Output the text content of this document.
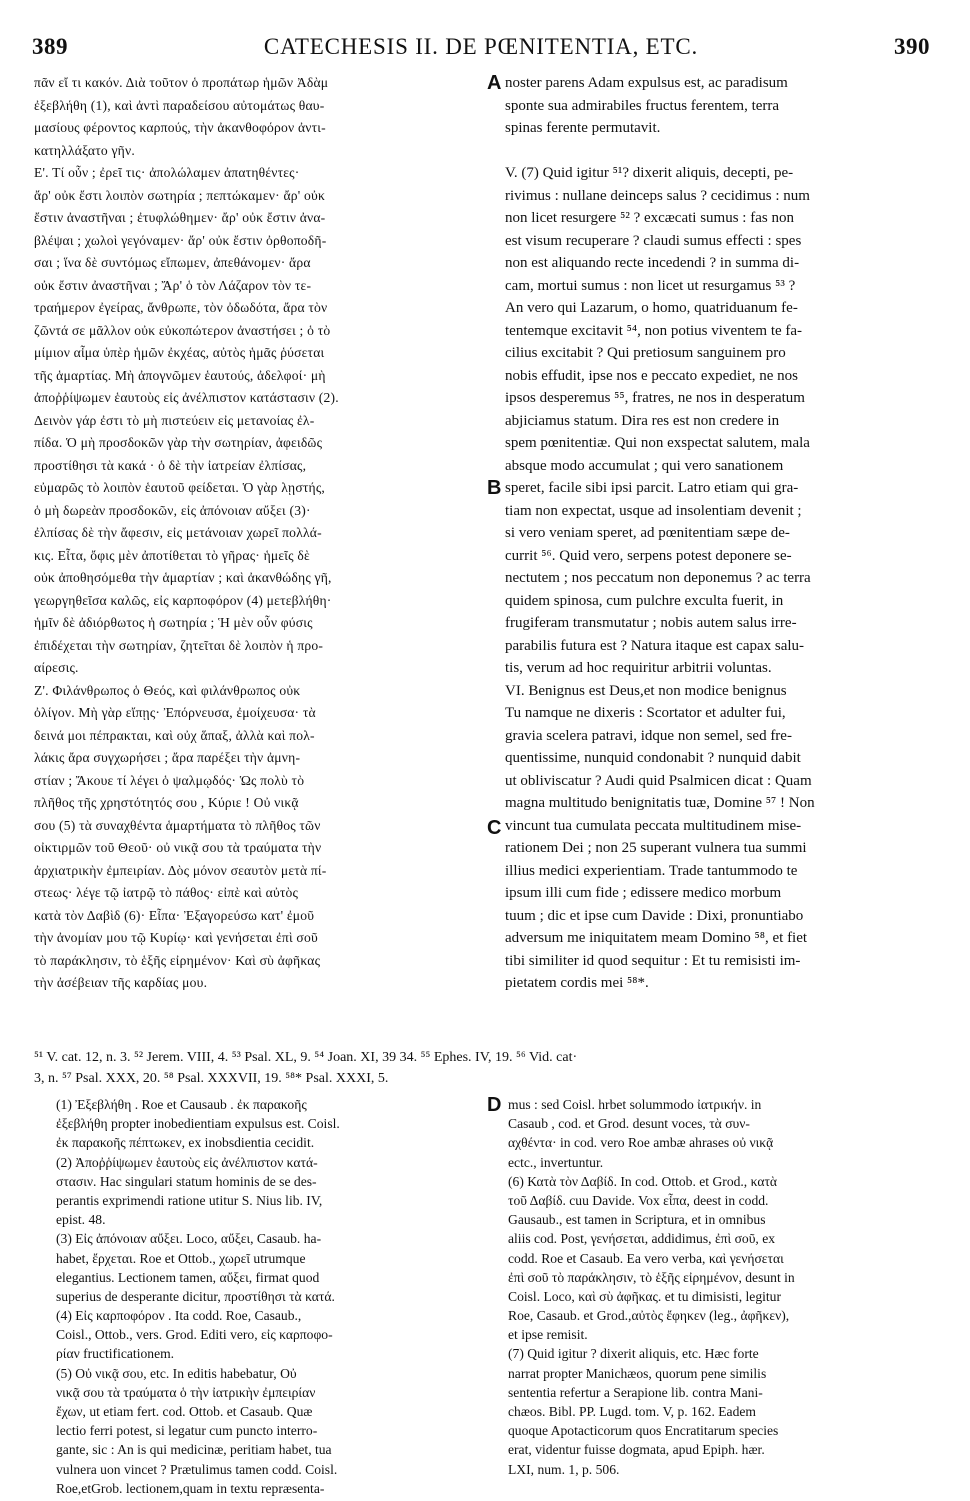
389	CATECHESIS II. DE PŒNITENTIA, ETC.	390
πᾶν εἴ τι κακόν. Διὰ τοῦτον ὁ προπάτωρ ἡμῶν Ἀδὰμ
ἐξεβλήθη (1), καὶ ἀντὶ παραδείσου αὐτομάτως θαυ-
μασίους φέροντος καρπούς, τὴν ἀκανθοφόρον ἀντι-
κατηλλάξατο γῆν.
Ε'. Τί οὖν ; ἐρεῖ τις· ἀπολώλαμεν ἀπατηθέντες·
ἄρ' οὐκ ἔστι λοιπὸν σωτηρία ; πεπτώκαμεν· ἄρ' οὐκ
ἔστιν ἀναστῆναι ; ἐτυφλώθημεν· ἄρ' οὐκ ἔστιν ἀνα-
βλέψαι ; χωλοὶ γεγόναμεν· ἄρ' οὐκ ἔστιν ὀρθοποδῆ-
σαι ; ἵνα δὲ συντόμως εἴπωμεν, ἀπεθάνομεν· ἄρα
οὐκ ἔστιν ἀναστῆναι ; Ἄρ' ὁ τὸν Λάζαρον τὸν τε-
τραήμερον ἐγείρας, ἄνθρωπε, τὸν ὀδωδότα, ἄρα τὸν
ζῶντά σε μᾶλλον οὐκ εὐκοπώτερον ἀναστήσει ; ὁ τὸ
μίμιον αἷμα ὑπὲρ ἡμῶν ἐκχέας, αὐτὸς ἡμᾶς ῥύσεται
τῆς ἁμαρτίας. Μὴ ἀπογνῶμεν ἑαυτούς, ἀδελφοί· μὴ
ἀποῤῥίψωμεν ἑαυτοὺς εἰς ἀνέλπιστον κατάστασιν (2).
Δεινὸν γάρ ἐστι τὸ μὴ πιστεύειν εἰς μετανοίας ἐλ-
πίδα. Ὁ μὴ προσδοκῶν γὰρ τὴν σωτηρίαν, ἀφειδῶς
προστίθησι τὰ κακά · ὁ δὲ τὴν ἰατρείαν ἐλπίσας,
εὐμαρῶς τὸ λοιπὸν ἑαυτοῦ φείδεται. Ὁ γὰρ λῃστής,
ὁ μὴ δωρεὰν προσδοκῶν, εἰς ἀπόνοιαν αὔξει (3)·
ἐλπίσας δὲ τὴν ἄφεσιν, εἰς μετάνοιαν χωρεῖ πολλά-
κις. Εἶτα, ὄφις μὲν ἀποτίθεται τὸ γῆρας· ἡμεῖς δὲ
οὐκ ἀποθησόμεθα τὴν ἁμαρτίαν ; καὶ ἀκανθώδης γῆ,
γεωργηθεῖσα καλῶς, εἰς καρποφόρον (4) μετεβλήθη·
ἡμῖν δὲ ἀδιόρθωτος ἡ σωτηρία ; Ἡ μὲν οὖν φύσις
ἐπιδέχεται τὴν σωτηρίαν, ζητεῖται δὲ λοιπὸν ἡ προ-
αίρεσις.
Ζ'. Φιλάνθρωπος ὁ Θεός, καὶ φιλάνθρωπος οὐκ
ὀλίγον. Μὴ γὰρ εἴπῃς· Ἐπόρνευσα, ἐμοίχευσα· τὰ
δεινά μοι πέπρακται, καὶ οὐχ ἅπαξ, ἀλλὰ καὶ πολ-
λάκις ἄρα συγχωρήσει ; ἄρα παρέξει τὴν ἀμνη-
στίαν ; Ἄκουε τί λέγει ὁ ψαλμῳδός· Ὡς πολὺ τὸ
πλῆθος τῆς χρηστότητός σου , Κύριε ! Οὐ νικᾷ
σου (5) τὰ συναχθέντα ἁμαρτήματα τὸ πλῆθος τῶν
οἰκτιρμῶν τοῦ Θεοῦ· οὐ νικᾷ σου τὰ τραύματα τὴν
ἀρχιατρικὴν ἐμπειρίαν. Δὸς μόνον σεαυτὸν μετὰ πί-
στεως· λέγε τῷ ἰατρῷ τὸ πάθος· εἰπὲ καὶ αὐτὸς
κατὰ τὸν Δαβὶδ (6)· Εἶπα· Ἐξαγορεύσω κατ' ἐμοῦ
τὴν ἀνομίαν μου τῷ Κυρίῳ· καὶ γενήσεται ἐπὶ σοῦ
τὸ παράκλησιν, τὸ ἑξῆς εἰρημένον· Καὶ σὺ ἀφῆκας
τὴν ἀσέβειαν τῆς καρδίας μου.
noster parens Adam expulsus est, ac paradisum
sponte sua admirabiles fructus ferentem, terra
spinas ferente permutavit.
V. (7) Quid igitur ⁵¹? dixerit aliquis, decepti, pe-
rivimus : nullane deinceps salus ? cecidimus : num
non licet resurgere ⁵² ? excæcati sumus : fas non
est visum recuperare ? claudi sumus effecti : spes
non est aliquando recte incedendi ? in summa di-
cam, mortui sumus : non licet ut resurgamus ⁵³ ?
An vero qui Lazarum, o homo, quatriduanum fe-
tentemque excitavit ⁵⁴, non potius viventem te fa-
cilius excitabit ? Qui pretiosum sanguinem pro
nobis effudit, ipse nos e peccato expediet, ne nos
ipsos desperemus ⁵⁵, fratres, ne nos in desperatum
abjiciamus statum. Dira res est non credere in
spem pœnitentiæ. Qui non exspectat salutem, mala
absque modo accumulat ; qui vero sanationem
speret, facile sibi ipsi parcit. Latro etiam qui gra-
tiam non expectat, usque ad insolentiam devenit ;
si vero veniam speret, ad pœnitentiam sæpe de-
currit ⁵⁶. Quid vero, serpens potest deponere se-
nectutem ; nos peccatum non deponemus ? ac terra
quidem spinosa, cum pulchre exculta fuerit, in
frugiferam transmutatur ; nobis autem salus irre-
parabilis futura est ? Natura itaque est capax salu-
tis, verum ad hoc requiritur arbitrii voluntas.
VI. Benignus est Deus,et non modice benignus
Tu namque ne dixeris : Scortator et adulter fui,
gravia scelera patravi, idque non semel, sed fre-
quentissime, nunquid condonabit ? nunquid dabit
ut obliviscatur ? Audi quid Psalmicen dicat : Quam
magna multitudo benignitatis tuæ, Domine ⁵⁷ ! Non
vincunt tua cumulata peccata multitudinem mise-
rationem Dei ; non 25 superant vulnera tua summi
illius medici experientiam. Trade tantummodo te
ipsum illi cum fide ; edissere medico morbum
tuum ; dic et ipse cum Davide : Dixi, pronuntiabo
adversum me iniquitatem meam Domino ⁵⁸, et fiet
tibi similiter id quod sequitur : Et tu remisisti im-
pietatem cordis mei ⁵⁸*.
A
B
C
D
⁵¹ V. cat. 12, n. 3. ⁵² Jerem. VIII, 4. ⁵³ Psal. XL, 9. ⁵⁴ Joan. XI, 39 34. ⁵⁵ Ephes. IV, 19. ⁵⁶ Vid. cat·
3, n. ⁵⁷ Psal. XXX, 20. ⁵⁸ Psal. XXXVII, 19. ⁵⁸* Psal. XXXI, 5.
(1) Ἐξεβλήθη . Roe et Causaub . ἐκ παρακοῆς
ἐξεβλήθη propter inobedientiam expulsus est. Coisl.
ἐκ παρακοῆς πέπτωκεν, ex inobsdientia cecidit.
(2) Ἀποῤῥίψωμεν ἑαυτοὺς εἰς ἀνέλπιστον κατά-
στασιν. Hac singulari statum hominis de se des-
perantis exprimendi ratione utitur S. Nius lib. IV,
epist. 48.
(3) Εἰς ἀπόνοιαν αὔξει. Loco, αὔξει, Casaub. ha-
habet, ἔρχεται. Roe et Ottob., χωρεῖ utrumque
elegantius. Lectionem tamen, αὔξει, firmat quod
superius de desperante dicitur, προστίθησι τὰ κατά.
(4) Εἰς καρποφόρον . Ita codd. Roe, Casaub.,
Coisl., Ottob., vers. Grod. Editi vero, εἰς καρποφο-
ρίαν fructificationem.
(5) Οὐ νικᾷ σου, etc. In editis habebatur, Οὐ
νικᾷ σου τὰ τραύματα ὁ τὴν ἰατρικὴν ἐμπειρίαν
ἔχων, ut etiam fert. cod. Ottob. et Casaub. Quæ
lectio ferri potest, si legatur cum puncto interro-
gante, sic : An is qui medicinæ, peritiam habet, tua
vulnera uon vincet ? Prætulimus tamen codd. Coisl.
Roe,etGrob. lectionem,quam in textu repræsenta-
mus : sed Coisl. hrbet solummodo ἰατρικήν. in
Casaub , cod. et Grod. desunt voces, τὰ συν-
αχθέντα· in cod. vero Roe ambæ ahrases οὐ νικᾷ
ectc., invertuntur.
(6) Κατὰ τὸν Δαβίδ. In cod. Ottob. et Grod., κατὰ
τοῦ Δαβίδ. cuu Davide. Vox εἶπα, deest in codd.
Gausaub., est tamen in Scriptura, et in omnibus
aliis cod. Post, γενήσεται, addidimus, ἐπὶ σοῦ, ex
codd. Roe et Casaub. Ea vero verba, καὶ γενήσεται
ἐπὶ σοῦ τὸ παράκλησιν, τὸ ἑξῆς εἰρημένον, desunt in
Coisl. Loco, καὶ σὺ ἀφῆκας. et tu dimisisti, legitur
Roe, Casaub. et Grod.,αὐτὸς ἔφηκεν (leg., ἀφῆκεν),
et ipse remisit.
(7) Quid igitur ? dixerit aliquis, etc. Hæc forte
narrat propter Manichæos, quorum pene similis
sententia refertur a Serapione lib. contra Mani-
chæos. Bibl. PP. Lugd. tom. V, p. 162. Eadem
quoque Apotacticorum quos Encratitarum species
erat, videntur fuisse dogmata, apud Epiph. hær.
LXI, num. 1, p. 506.
